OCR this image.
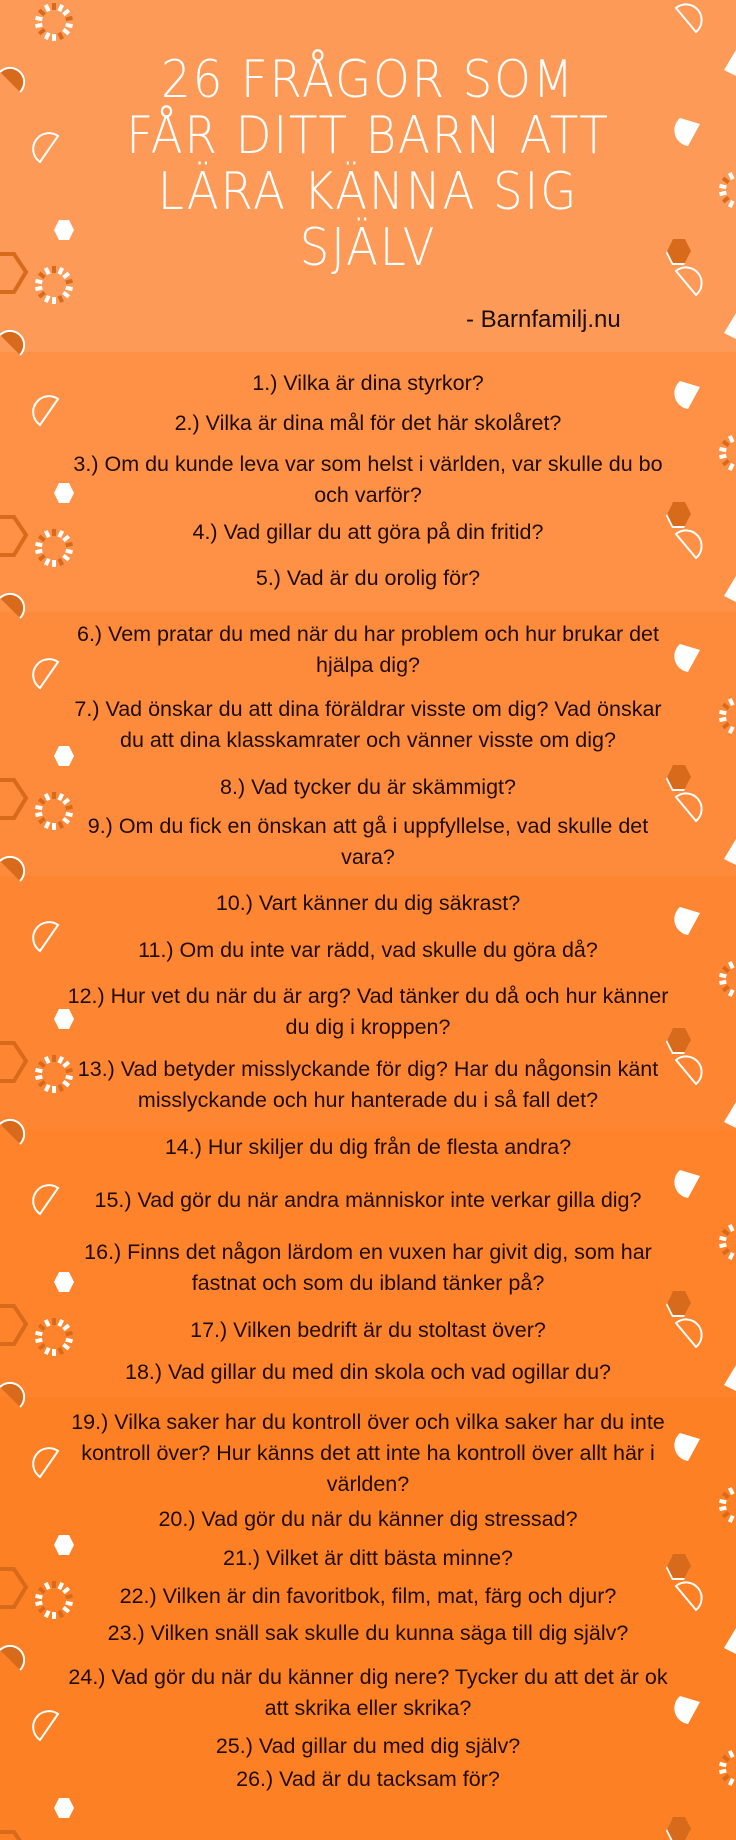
26 FRÅGOR SOM
FÅR DITT BARN ATT
LÄRA KÄNNA SIG
SJÄLV
- Barnfamilj.nu
1.) Vilka är dina styrkor?
2.) Vilka är dina mål för det här skolåret?
3.) Om du kunde leva var som helst i världen, var skulle du bo och varför?
4.) Vad gillar du att göra på din fritid?
5.) Vad är du orolig för?
6.) Vem pratar du med när du har problem och hur brukar det hjälpa dig?
7.) Vad önskar du att dina föräldrar visste om dig? Vad önskar du att dina klasskamrater och vänner visste om dig?
8.) Vad tycker du är skämmigt?
9.) Om du fick en önskan att gå i uppfyllelse, vad skulle det vara?
10.) Vart känner du dig säkrast?
11.) Om du inte var rädd, vad skulle du göra då?
12.) Hur vet du när du är arg? Vad tänker du då och hur känner du dig i kroppen?
13.) Vad betyder misslyckande för dig? Har du någonsin känt misslyckande och hur hanterade du i så fall det?
14.) Hur skiljer du dig från de flesta andra?
15.) Vad gör du när andra människor inte verkar gilla dig?
16.) Finns det någon lärdom en vuxen har givit dig, som har fastnat och som du ibland tänker på?
17.) Vilken bedrift är du stoltast över?
18.) Vad gillar du med din skola och vad ogillar du?
19.) Vilka saker har du kontroll över och vilka saker har du inte kontroll över? Hur känns det att inte ha kontroll över allt här i världen?
20.) Vad gör du när du känner dig stressad?
21.) Vilket är ditt bästa minne?
22.) Vilken är din favoritbok, film, mat, färg och djur?
23.) Vilken snäll sak skulle du kunna säga till dig själv?
24.) Vad gör du när du känner dig nere? Tycker du att det är ok att skrika eller skrika?
25.) Vad gillar du med dig själv?
26.) Vad är du tacksam för?
